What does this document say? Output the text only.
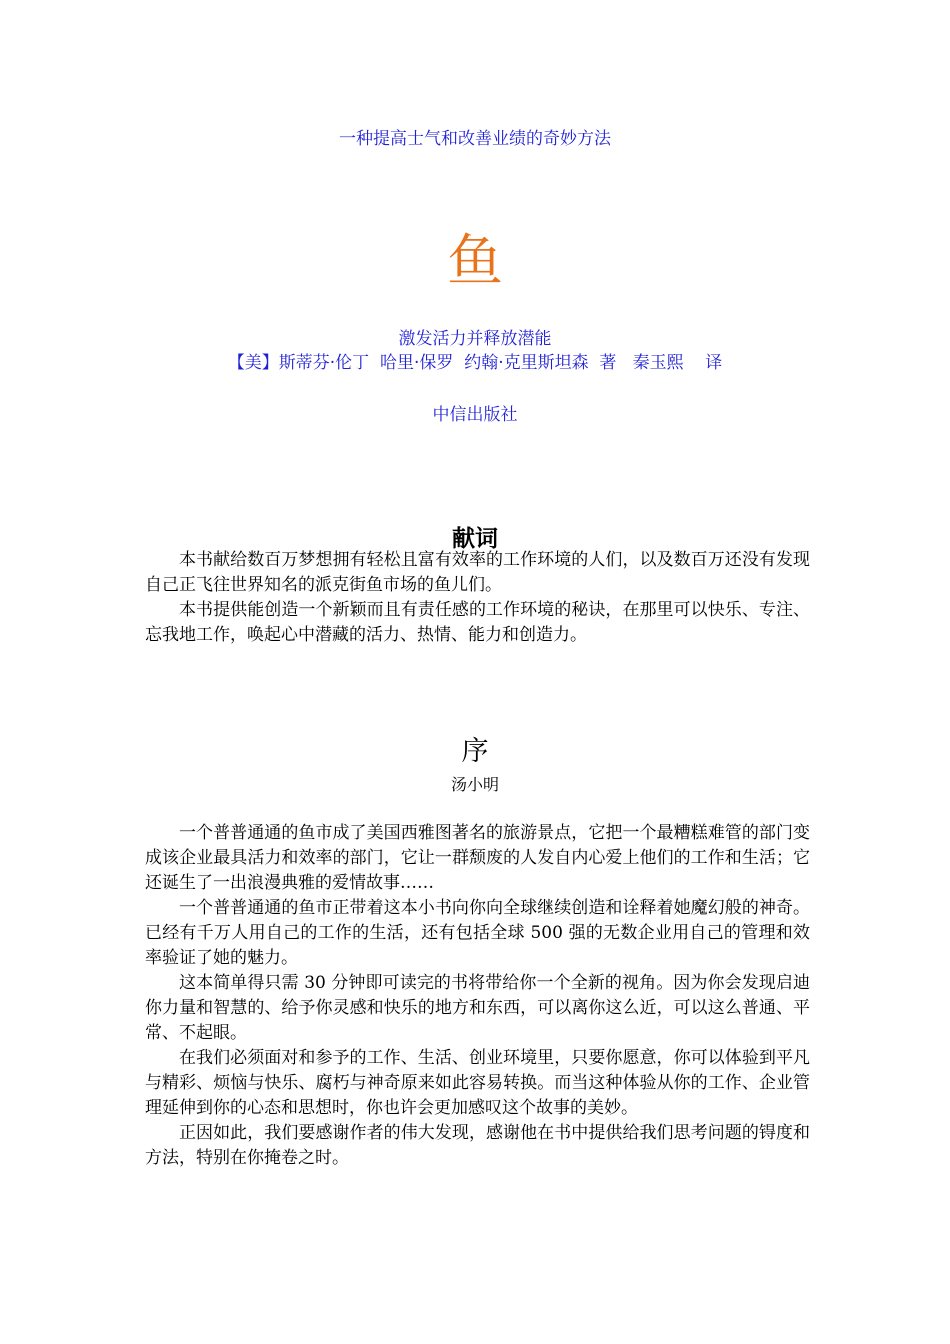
一种提高士气和改善业绩的奇妙方法
鱼
激发活力并释放潜能
【美】斯蒂芬·伦丁  哈里·保罗  约翰·克里斯坦森  著   秦玉熙    译
中信出版社
献词

本书献给数百万梦想拥有轻松且富有效率的工作环境的人们，以及数百万还没有发现自己正飞往世界知名的派克街鱼市场的鱼儿们。

本书提供能创造一个新颖而且有责任感的工作环境的秘诀，在那里可以快乐、专注、忘我地工作，唤起心中潜藏的活力、热情、能力和创造力。

序
汤小明

一个普普通通的鱼市成了美国西雅图著名的旅游景点，它把一个最糟糕难管的部门变成该企业最具活力和效率的部门，它让一群颓废的人发自内心爱上他们的工作和生活；它还诞生了一出浪漫典雅的爱情故事……

一个普普通通的鱼市正带着这本小书向你向全球继续创造和诠释着她魔幻般的神奇。已经有千万人用自己的工作的生活，还有包括全球 500 强的无数企业用自己的管理和效率验证了她的魅力。

这本简单得只需 30 分钟即可读完的书将带给你一个全新的视角。因为你会发现启迪你力量和智慧的、给予你灵感和快乐的地方和东西，可以离你这么近，可以这么普通、平常、不起眼。

在我们必须面对和参予的工作、生活、创业环境里，只要你愿意，你可以体验到平凡与精彩、烦恼与快乐、腐朽与神奇原来如此容易转换。而当这种体验从你的工作、企业管理延伸到你的心态和思想时，你也许会更加感叹这个故事的美妙。

正因如此，我们要感谢作者的伟大发现，感谢他在书中提供给我们思考问题的锝度和方法，特别在你掩卷之时。
